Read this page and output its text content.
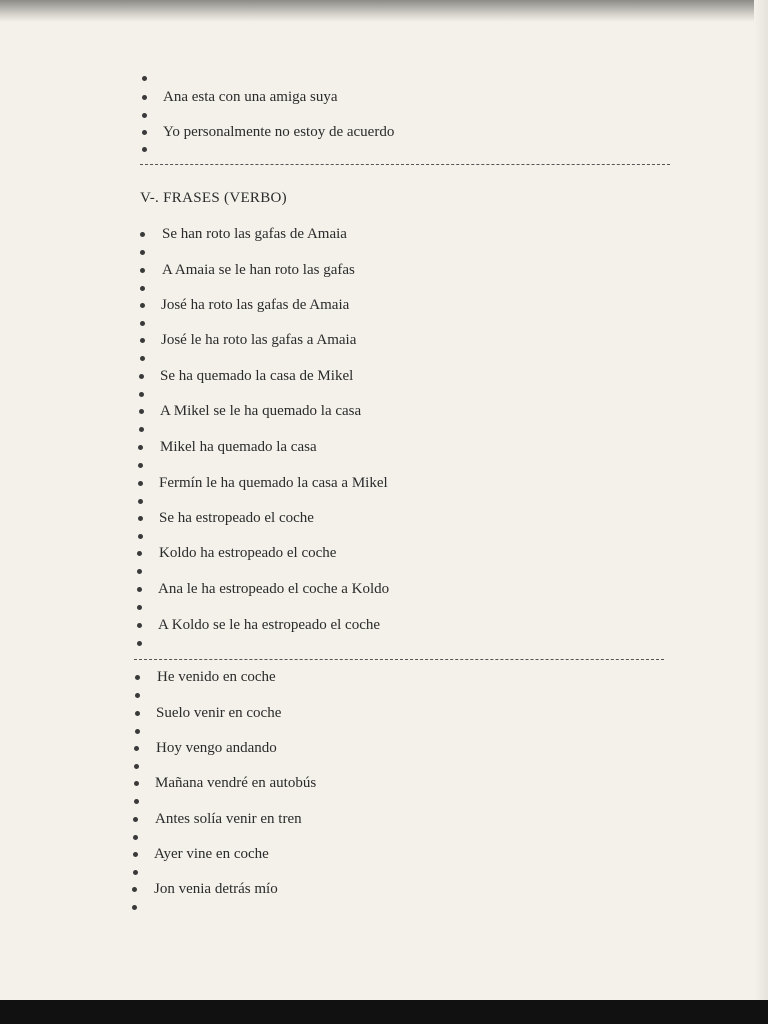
Ana esta con una amiga suya
Yo personalmente no estoy de acuerdo
V-. FRASES (VERBO)
Se han roto las gafas de Amaia
A Amaia se le han roto las gafas
José ha roto las gafas de Amaia
José le ha roto las gafas a Amaia
Se ha quemado la casa de Mikel
A Mikel se le ha quemado la casa
Mikel ha quemado la casa
Fermín le ha quemado la casa a Mikel
Se ha estropeado el coche
Koldo ha estropeado el coche
Ana le ha estropeado el coche a Koldo
A Koldo se le ha estropeado el coche
He venido en coche
Suelo venir en coche
Hoy vengo andando
Mañana vendré en autobús
Antes solía venir en tren
Ayer vine en coche
Jon venia detrás mío
